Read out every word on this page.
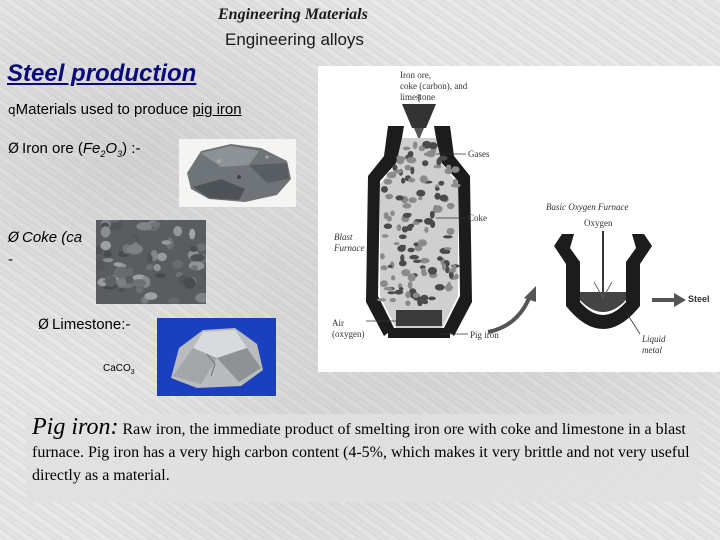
Engineering Materials
Engineering alloys
Steel production
qMaterials used to produce pig iron
Ø Iron ore $(Fe_2O_3)$ :-
Ø Coke (ca
-
Ø Limestone:-
CaCO$_3$
Iron ore,
coke (carbon), and
limestone
Gases
Coke
Blast
Furnace
Air
(oxygen)	Pig iron
Basic Oxygen Furnace
Oxygen
Steel
Liquid
metal
Pig iron: Raw iron, the immediate product of smelting iron ore with coke and limestone in a blast furnace. Pig iron has a very high carbon content (4-5%, which makes it very brittle and not very useful directly as a material.
